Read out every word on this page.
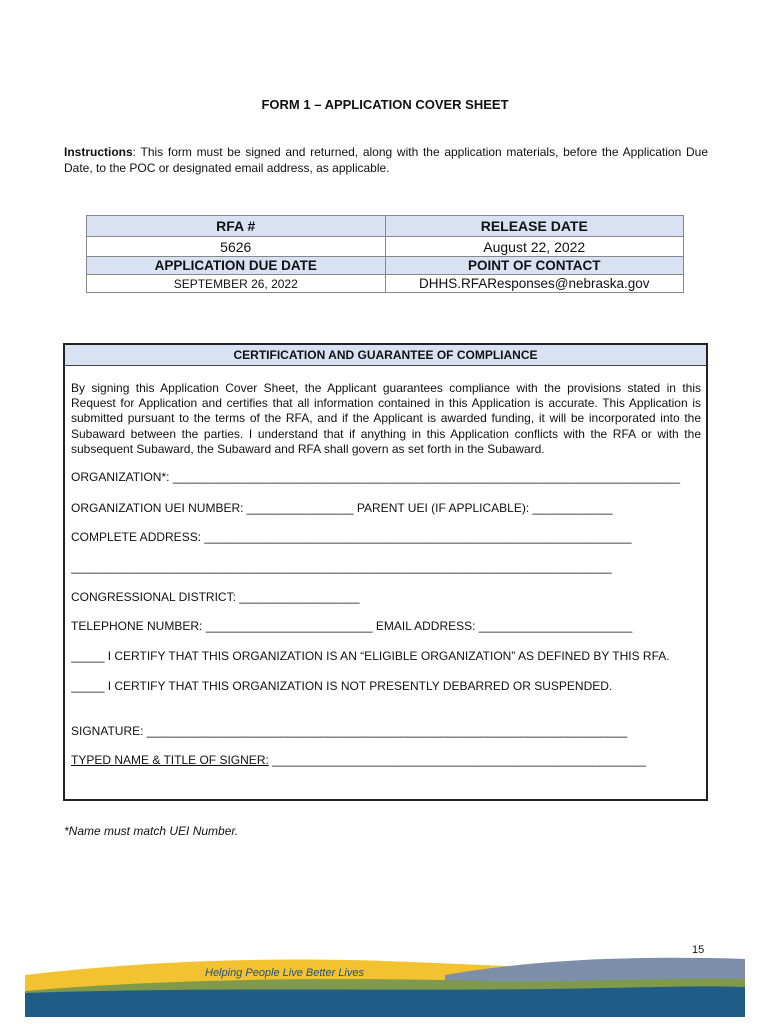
FORM 1 – APPLICATION COVER SHEET
Instructions: This form must be signed and returned, along with the application materials, before the Application Due Date, to the POC or designated email address, as applicable.
RFA #	RELEASE DATE
5626	August 22, 2022
APPLICATION DUE DATE	POINT OF CONTACT
SEPTEMBER 26, 2022	DHHS.RFAResponses@nebraska.gov
CERTIFICATION AND GUARANTEE OF COMPLIANCE
By signing this Application Cover Sheet, the Applicant guarantees compliance with the provisions stated in this Request for Application and certifies that all information contained in this Application is accurate. This Application is submitted pursuant to the terms of the RFA, and if the Applicant is awarded funding, it will be incorporated into the Subaward between the parties. I understand that if anything in this Application conflicts with the RFA or with the subsequent Subaward, the Subaward and RFA shall govern as set forth in the Subaward.
ORGANIZATION*: ____________________________________________________________________________
ORGANIZATION UEI NUMBER: ________________ PARENT UEI (IF APPLICABLE): ____________
COMPLETE ADDRESS: ________________________________________________________________
_________________________________________________________________________________
CONGRESSIONAL DISTRICT: __________________
TELEPHONE NUMBER: _________________________ EMAIL ADDRESS: _______________________
_____ I CERTIFY THAT THIS ORGANIZATION IS AN “ELIGIBLE ORGANIZATION” AS DEFINED BY THIS RFA.
_____ I CERTIFY THAT THIS ORGANIZATION IS NOT PRESENTLY DEBARRED OR SUSPENDED.
SIGNATURE: ________________________________________________________________________
TYPED NAME & TITLE OF SIGNER: ________________________________________________________
*Name must match UEI Number.
15
Helping People Live Better Lives
